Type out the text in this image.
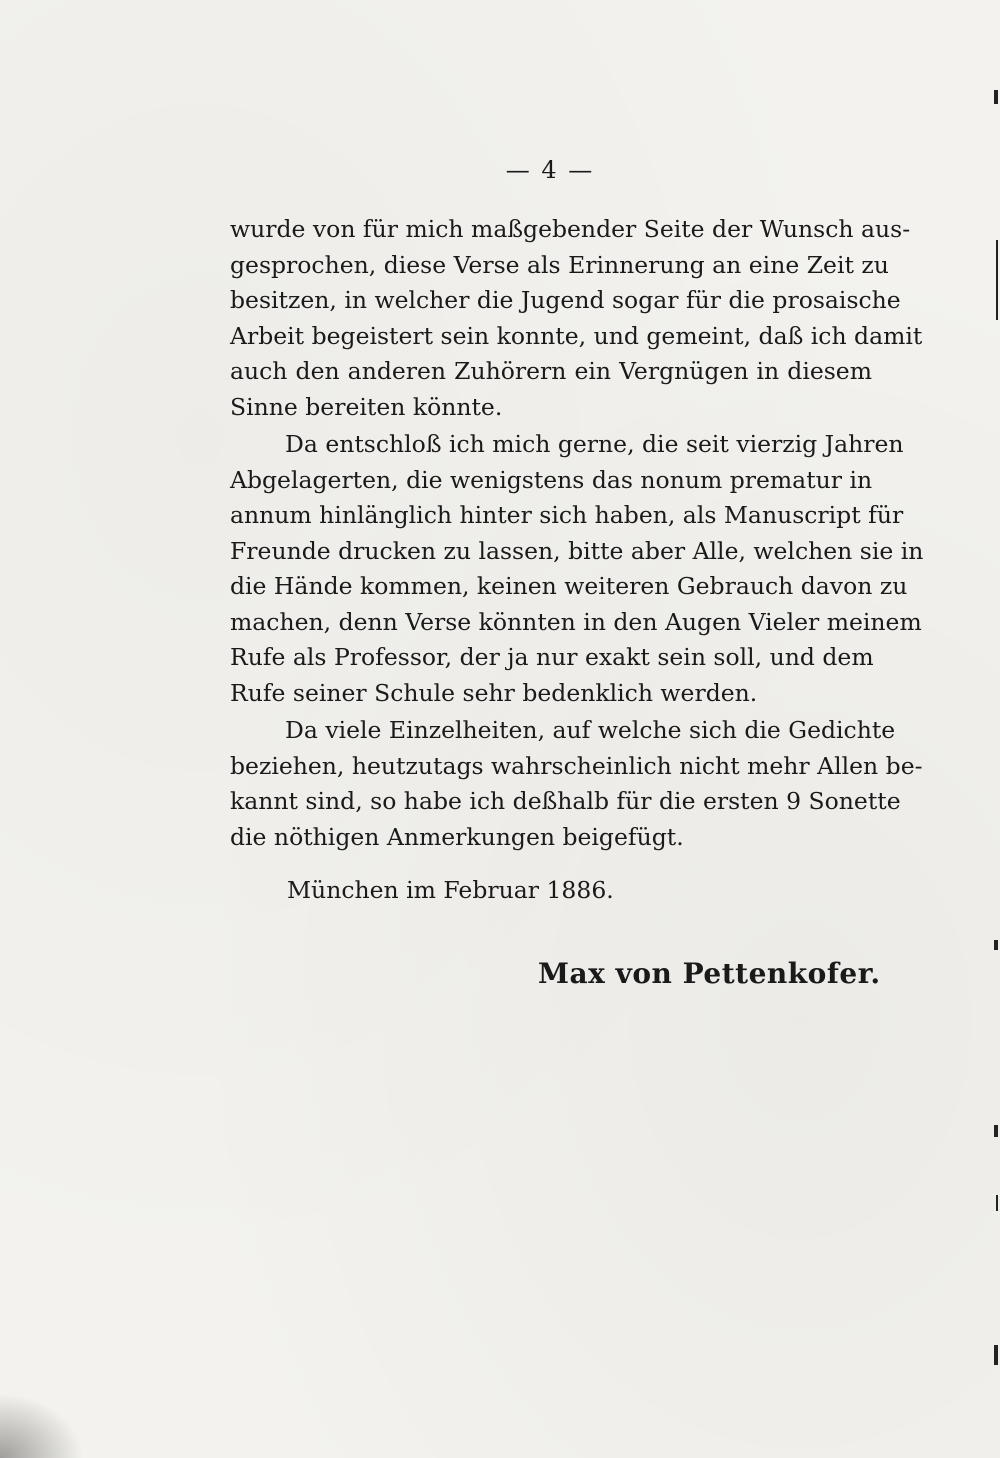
— 4 —
wurde von für mich maßgebender Seite der Wunsch aus-
gesprochen, diese Verse als Erinnerung an eine Zeit zu
besitzen, in welcher die Jugend sogar für die prosaische
Arbeit begeistert sein konnte, und gemeint, daß ich damit
auch den anderen Zuhörern ein Vergnügen in diesem
Sinne bereiten könnte.
Da entschloß ich mich gerne, die seit vierzig Jahren
Abgelagerten, die wenigstens das nonum prematur in
annum hinlänglich hinter sich haben, als Manuscript für
Freunde drucken zu lassen, bitte aber Alle, welchen sie in
die Hände kommen, keinen weiteren Gebrauch davon zu
machen, denn Verse könnten in den Augen Vieler meinem
Rufe als Professor, der ja nur exakt sein soll, und dem
Rufe seiner Schule sehr bedenklich werden.
Da viele Einzelheiten, auf welche sich die Gedichte
beziehen, heutzutags wahrscheinlich nicht mehr Allen be-
kannt sind, so habe ich deßhalb für die ersten 9 Sonette
die nöthigen Anmerkungen beigefügt.
München im Februar 1886.
Max von Pettenkofer.
